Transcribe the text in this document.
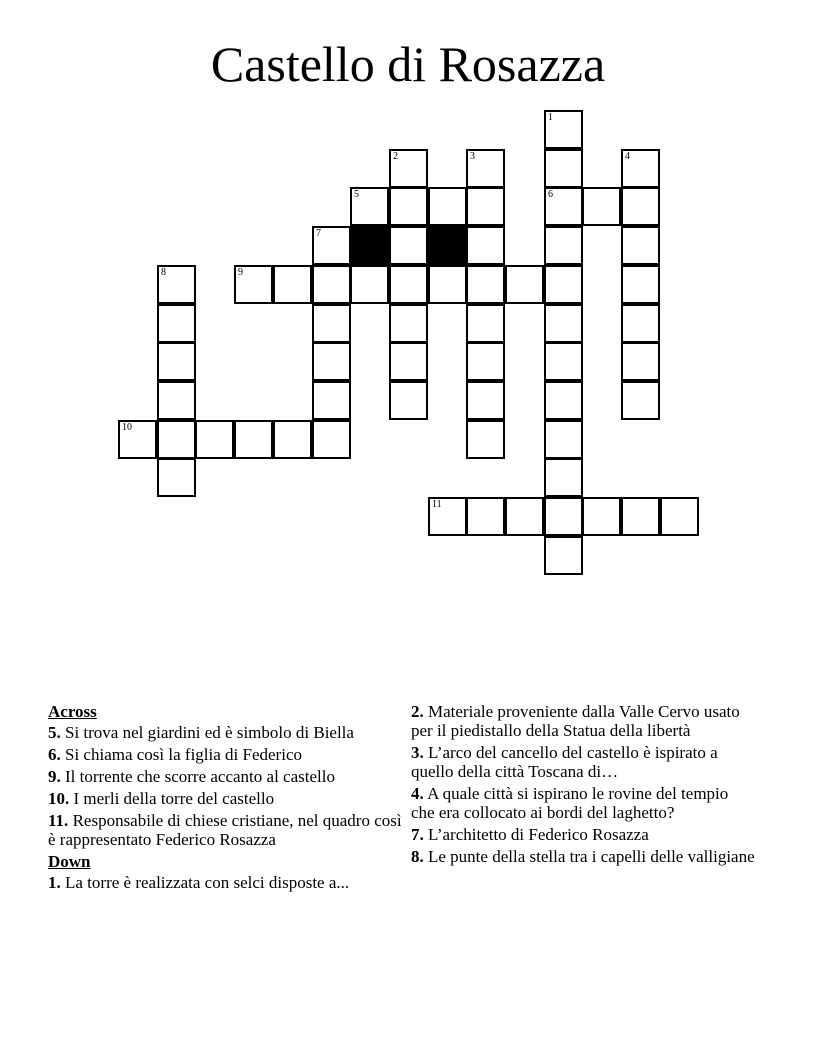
Castello di Rosazza
1
2	3	4
5	6
7
8	9
10
11
Across
5. Si trova nel giardini ed è simbolo di Biella
6. Si chiama così la figlia di Federico
9. Il torrente che scorre accanto al castello
10. I merli della torre del castello
11. Responsabile di chiese cristiane, nel quadro così è rappresentato Federico Rosazza
Down
1. La torre è realizzata con selci disposte a...
2. Materiale proveniente dalla Valle Cervo usato per il piedistallo della Statua della libertà
3. L’arco del cancello del castello è ispirato a quello della città Toscana di…
4. A quale città si ispirano le rovine del tempio che era collocato ai bordi del laghetto?
7. L’architetto di Federico Rosazza
8. Le punte della stella tra i capelli delle valligiane
